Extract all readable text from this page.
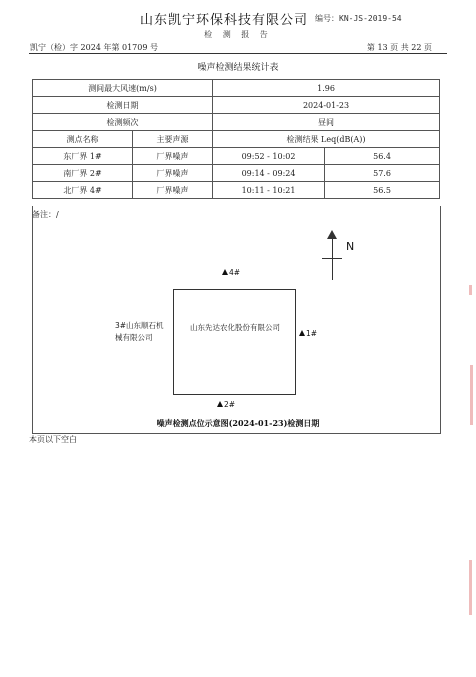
山东凯宁环保科技有限公司 编号：KN-JS-2019-54
检 测 报 告
凯宁（检）字 2024 年第 01709 号	第 13 页 共 22 页
噪声检测结果统计表
测间最大风速(m/s)		1.96	
检测日期		2024-01-23	
检测频次		昼间	
测点名称	主要声源	检测结果 Leq(dB(A))	
东厂界 1#	厂界噪声	09:52 - 10:02	56.4
南厂界 2#	厂界噪声	09:14 - 09:24	57.6
北厂界 4#	厂界噪声	10:11 - 10:21	56.5
备注：/
N
山东先达农化股份有限公司
3#山东顺石机械有限公司
4#
1#
2#
噪声检测点位示意图(2024-01-23)检测日期
本页以下空白
